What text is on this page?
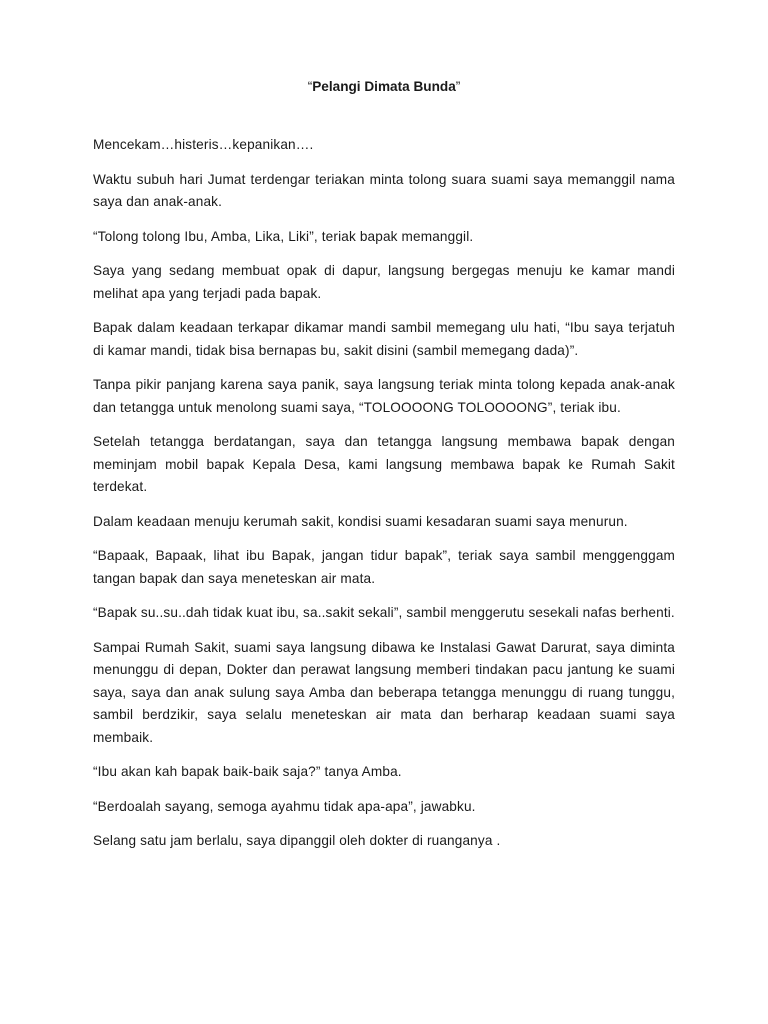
“Pelangi Dimata Bunda”

Mencekam…histeris…kepanikan….

Waktu subuh hari Jumat terdengar teriakan minta tolong suara suami saya memanggil nama saya dan anak-anak.

“Tolong tolong Ibu, Amba, Lika, Liki”, teriak bapak memanggil.

Saya yang sedang membuat opak di dapur, langsung bergegas menuju ke kamar mandi melihat apa yang terjadi pada bapak.

Bapak dalam keadaan terkapar dikamar mandi sambil memegang ulu hati, “Ibu saya terjatuh di kamar mandi, tidak bisa bernapas bu, sakit disini (sambil memegang dada)”.

Tanpa pikir panjang karena saya panik, saya langsung teriak minta tolong kepada anak-anak dan tetangga untuk menolong suami saya, “TOLOOOONG TOLOOOONG”, teriak ibu.

Setelah tetangga berdatangan, saya dan tetangga langsung membawa bapak dengan meminjam mobil bapak Kepala Desa, kami langsung membawa bapak ke Rumah Sakit terdekat.

Dalam keadaan menuju kerumah sakit, kondisi suami kesadaran suami saya menurun.

“Bapaak, Bapaak, lihat ibu Bapak, jangan tidur bapak”, teriak saya sambil menggenggam tangan bapak dan saya meneteskan air mata.

“Bapak su..su..dah tidak kuat ibu, sa..sakit sekali”, sambil menggerutu sesekali nafas berhenti.

Sampai Rumah Sakit, suami saya langsung dibawa ke Instalasi Gawat Darurat, saya diminta menunggu di depan, Dokter dan perawat langsung memberi tindakan pacu jantung ke suami saya, saya dan anak sulung saya Amba dan beberapa tetangga menunggu di ruang tunggu, sambil berdzikir, saya selalu meneteskan air mata dan berharap keadaan suami saya membaik.

“Ibu akan kah bapak baik-baik saja?” tanya Amba.

“Berdoalah sayang, semoga ayahmu tidak apa-apa”, jawabku.

Selang satu jam berlalu, saya dipanggil oleh dokter di ruanganya .
